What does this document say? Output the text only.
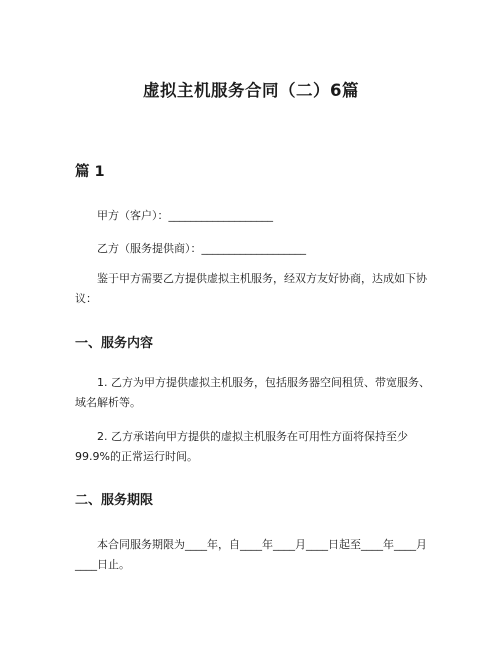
虚拟主机服务合同（二）6篇
篇 1
甲方（客户）：___________________
乙方（服务提供商）：___________________

鉴于甲方需要乙方提供虚拟主机服务，经双方友好协商，达成如下协议：

一、服务内容

1. 乙方为甲方提供虚拟主机服务，包括服务器空间租赁、带宽服务、域名解析等。

2. 乙方承诺向甲方提供的虚拟主机服务在可用性方面将保持至少99.9%的正常运行时间。

二、服务期限

本合同服务期限为____年，自____年____月____日起至____年____月____日止。
